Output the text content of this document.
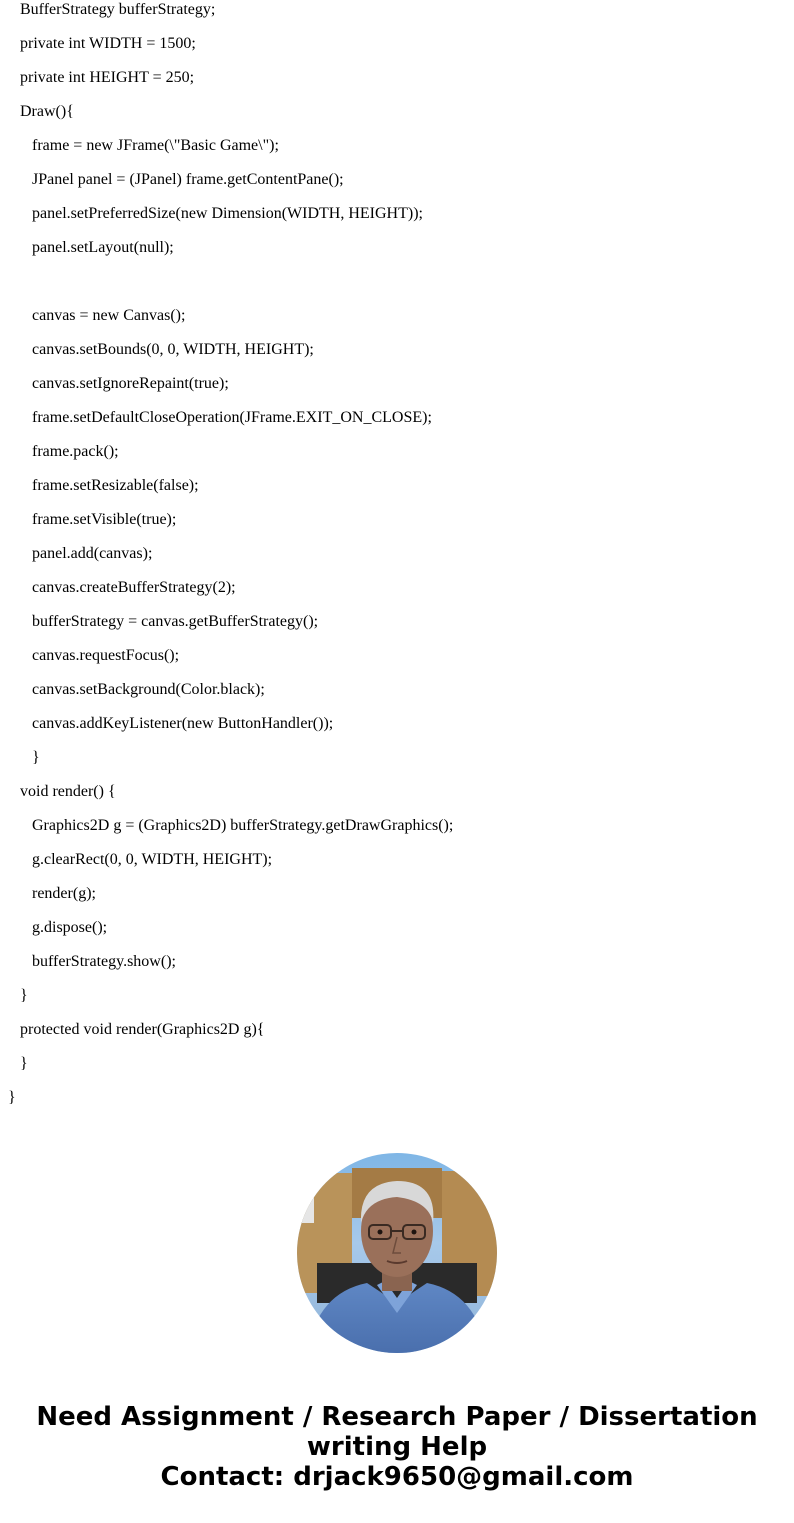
BufferStrategy bufferStrategy;
private int WIDTH = 1500;
private int HEIGHT = 250;
Draw(){
frame = new JFrame(\"Basic Game\");
JPanel panel = (JPanel) frame.getContentPane();
panel.setPreferredSize(new Dimension(WIDTH, HEIGHT));
panel.setLayout(null);
canvas = new Canvas();
canvas.setBounds(0, 0, WIDTH, HEIGHT);
canvas.setIgnoreRepaint(true);
frame.setDefaultCloseOperation(JFrame.EXIT_ON_CLOSE);
frame.pack();
frame.setResizable(false);
frame.setVisible(true);
panel.add(canvas);
canvas.createBufferStrategy(2);
bufferStrategy = canvas.getBufferStrategy();
canvas.requestFocus();
canvas.setBackground(Color.black);
canvas.addKeyListener(new ButtonHandler());
}
void render() {
Graphics2D g = (Graphics2D) bufferStrategy.getDrawGraphics();
g.clearRect(0, 0, WIDTH, HEIGHT);
render(g);
g.dispose();
bufferStrategy.show();
}
protected void render(Graphics2D g){
}
}
Need Assignment / Research Paper / Dissertation
writing Help
Contact: drjack9650@gmail.com
